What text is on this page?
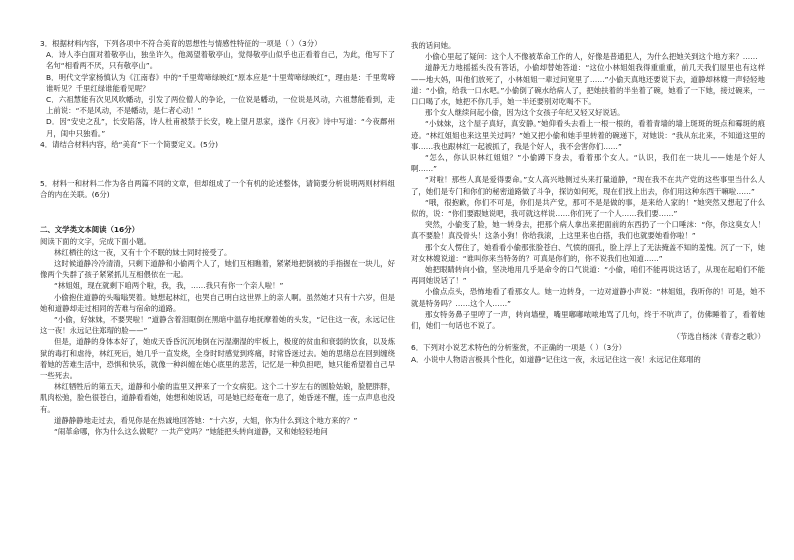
3．根据材料内容，下列各项中不符合美育的思想性与情感性特征的一项是（ ）（3分）

A．诗人李白面对着敬亭山，独坐许久，他渴望着敬亭山，觉得敬亭山似乎也正看着自己，为此，他写下了名句“相看两不厌，只有敬亭山”。

B．明代文学家杨慎认为《江南春》中的“千里莺啼绿映红”原本应是“十里莺啼绿映红”，理由是：千里莺啼谁听见？千里红绿谁能看见呢？

C．六祖慧能有次见风吹幡动，引发了两位僧人的争论，一位说是幡动，一位说是风动，六祖慧能看到，走上前说：“不是风动，不是幡动，是仁者心动！”

D．因“安史之乱”，长安陷落，诗人杜甫被禁于长安，晚上望月思家，遂作《月夜》诗中写道：“今夜鄜州月，闺中只独看。”

4．请结合材料内容，给“美育”下一个简要定义。(5分)

5．材料一和材料二作为各自两篇不同的文章，但却组成了一个有机的论述整体，请简要分析说明两则材料组合的内在关联。(6分)

二、文学类文本阅读（16分）

阅读下面的文字，完成下面小题。

林红栖往的这一夜，又有十个不眠的妹士同时接受了。

这时候道静冷冷清清，只剩下道静和小偷两个人了，她们互相瞧着，紧紧地把倒被的手指握在一块儿，好像两个失群了孩子紧紧抓儿互相偎依在一起。

“林姐姐，现在就剩下咱两个啦，我，我，……我只有你一个亲人啦！”

小偷抱住道静的头嗡嗡哭着。她想起林红，也哭自己明白这世界上的亲人啊。虽然她才只有十六岁，但是她和道静却走过相同的苦难与宿命的道路。

“小偷，好妹妹，不要哭啦！”道静含着泪眶倒在黑暗中温存地抚摩着她的头发，“记住这一夜，永远记住这一夜！永远记住郑瑁的脸——”

但是，道静的身体本好了，她成天昏昏沉沉地倒在污湿潮湿的牢板上，极度的贫血和衰弱的饮食，以及炼狱的毒打和虐待，林红死后，她几乎一直发烧，全身时时感觉到疼痛，时常昏迷过去。她的思绪总在回到缠绕着她的苦难生活中，恐惧和快乐，就像一种纠缠在她心底里的悲苦，记忆是一种负担吧，她只能希望着自己早一些死去。

林红牺牲后的第五天，道静和小偷的监里又押来了一个女病犯。这个二十岁左右的圆脸姑娘，脸肥胖胖，肌肉松弛，脸色很苍白，道静看看她，她想和她说话，可是她已经奄奄一息了，她昏迷不醒，连一点声息也没有。

道静静静地走过去，看见你是在热诚地回答她：“十六岁，大姐，你为什么到这个地方来的？”

“闹革命哪，你为什么这么做呢？一共产党吗？”她能把头转向道静，又和她轻轻地问

我的话问她。

小偷心里起了疑问：这个人不像被革命工作的人，好像是普通犯人，为什么把她关到这个地方来？……

道静无力地摇摇头没有答话，小偷却替她答道：“这位小林姐姐我得重重重，前几天我们屋里也有这样——地大妈，叫他们放死了，小林姐姐一辈过问宽里了……”小偷天真地还要说下去，道静却林嫂一声轻轻地道：“小偷，给我一口水吧。”小偷倒了碗水给病人了，把她扶着的半坐着了碗，她看了一下她，接过碗来，一口口喝了水，她把不你几手，她一半还要别对吃喝不下。

那个女人继续问起小偷，因为这个女孩子年纪又轻又好说话。

“小妹妹，这个屋子真好，真安静。”她仰看头去看上一根一根的，看着青墙的墙上斑斑的斑点和霉斑的痕迹。“林红姐姐也来这里关过吗？”她又把小偷和她手里转着的碗递下，对她说：“我从东北来，不知道这里的事……我也跟林红一起被抓了，我是个好人，我不会害你们……”

“怎么，你认识林红姐姐？”小偷蹲下身去，看着那个女人。“认识，我们在一块儿——她是个好人啊……”

“对啦！那些人真是爱得要命。”女人高兴地侧过头来打量道静，“现在我不在共产党的这些事里当什么人了，她们是专门和你们的秘密道路做了斗争，探访如何死，现在们找上出去，你们用这种东西干嘛啦……”

“哦，很抱歉，你们不可是，你们是共产党，那可不是是做的事，是来给人家的！”她突然又想起了什么似的，说：“你们要跟她说吧，我可就这样说……你们死了一个人……我们要……”

突然，小偷变了脸，她一转身去，把那个病人拿出来把面前的东西扔了一个口唾沫：“你，你这臭女人！真不要脸！真没骨头！这条小狗！你给我滚，上这里来也白搭，我们也就要她看你啦！”

那个女人愣住了，她看看小偷那张脸苍白、气愤的面孔，脸上浮上了无法掩盖不知的羞愧。沉了一下，她对女林嫂说道：“谁叫你来当特务的？可真是你们的，你不说我们也知道……”

她把眼睛转向小偷，坚决地用几乎是命令的口气说道：“小偷，咱们不能再说这话了，从现在起咱们不能再同她说话了！”

小偷点点头，恐怖地看了看那女人。她一边转身，一边对道静小声说：“林姐姐，我听你的！可是，她不就是特务吗？……这个人……”

那女特务鼻子里哼了一声，转向墙壁，嘴里嘟嘟哝哝地骂了几句，终于不吭声了，仿佛睡着了，看着她们，她们一句话也不说了。

（节选自杨沫《青春之歌》）

6．下列对小说艺术特色的分析鉴赏，不正确的一项是（ ）（3分）

A．小说中人物语言极具个性化，如道静“记住这一夜，永远记住这一夜！永远记住郑瑁的
